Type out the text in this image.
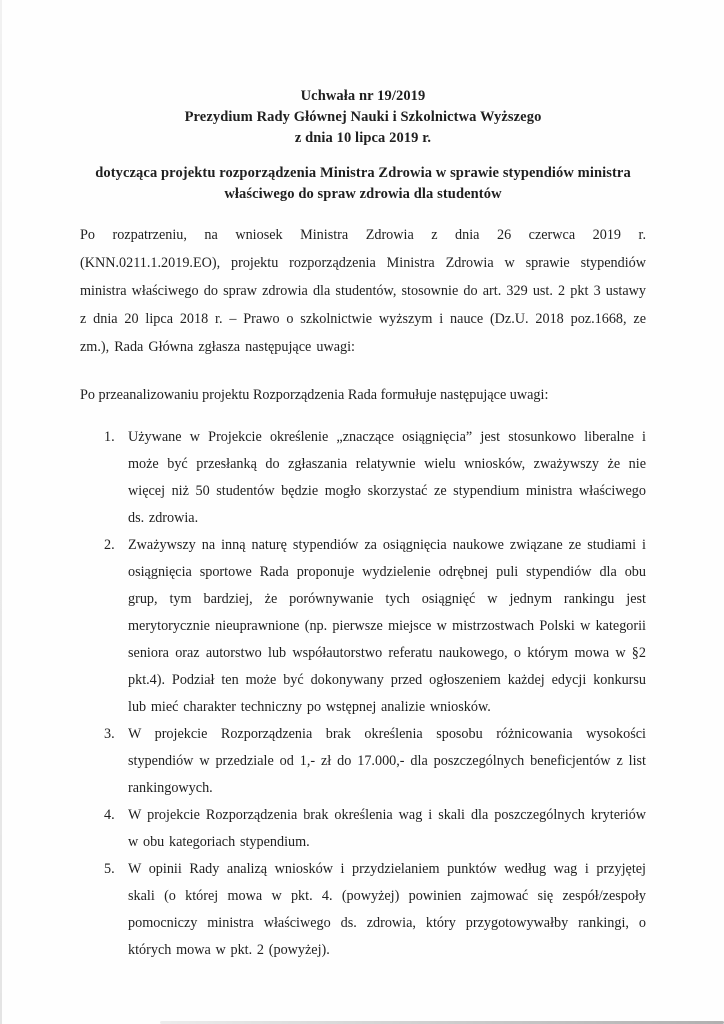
Uchwała nr 19/2019
Prezydium Rady Głównej Nauki i Szkolnictwa Wyższego
z dnia 10 lipca 2019 r.

dotycząca projektu rozporządzenia Ministra Zdrowia w sprawie stypendiów ministra właściwego do spraw zdrowia dla studentów

Po rozpatrzeniu, na wniosek Ministra Zdrowia z dnia 26 czerwca 2019 r. (KNN.0211.1.2019.EO), projektu rozporządzenia Ministra Zdrowia w sprawie stypendiów ministra właściwego do spraw zdrowia dla studentów, stosownie do art. 329 ust. 2 pkt 3 ustawy z dnia 20 lipca 2018 r. – Prawo o szkolnictwie wyższym i nauce (Dz.U. 2018 poz.1668, ze zm.), Rada Główna zgłasza następujące uwagi:

Po przeanalizowaniu projektu Rozporządzenia Rada formułuje następujące uwagi:

1. Używane w Projekcie określenie „znaczące osiągnięcia” jest stosunkowo liberalne i może być przesłanką do zgłaszania relatywnie wielu wniosków, zważywszy że nie więcej niż 50 studentów będzie mogło skorzystać ze stypendium ministra właściwego ds. zdrowia.
2. Zważywszy na inną naturę stypendiów za osiągnięcia naukowe związane ze studiami i osiągnięcia sportowe Rada proponuje wydzielenie odrębnej puli stypendiów dla obu grup, tym bardziej, że porównywanie tych osiągnięć w jednym rankingu jest merytorycznie nieuprawnione (np. pierwsze miejsce w mistrzostwach Polski w kategorii seniora oraz autorstwo lub współautorstwo referatu naukowego, o którym mowa w §2 pkt.4). Podział ten może być dokonywany przed ogłoszeniem każdej edycji konkursu lub mieć charakter techniczny po wstępnej analizie wniosków.
3. W projekcie Rozporządzenia brak określenia sposobu różnicowania wysokości stypendiów w przedziale od 1,- zł do 17.000,- dla poszczególnych beneficjentów z list rankingowych.
4. W projekcie Rozporządzenia brak określenia wag i skali dla poszczególnych kryteriów w obu kategoriach stypendium.
5. W opinii Rady analizą wniosków i przydzielaniem punktów według wag i przyjętej skali (o której mowa w pkt. 4. (powyżej) powinien zajmować się zespół/zespoły pomocniczy ministra właściwego ds. zdrowia, który przygotowywałby rankingi, o których mowa w pkt. 2 (powyżej).
